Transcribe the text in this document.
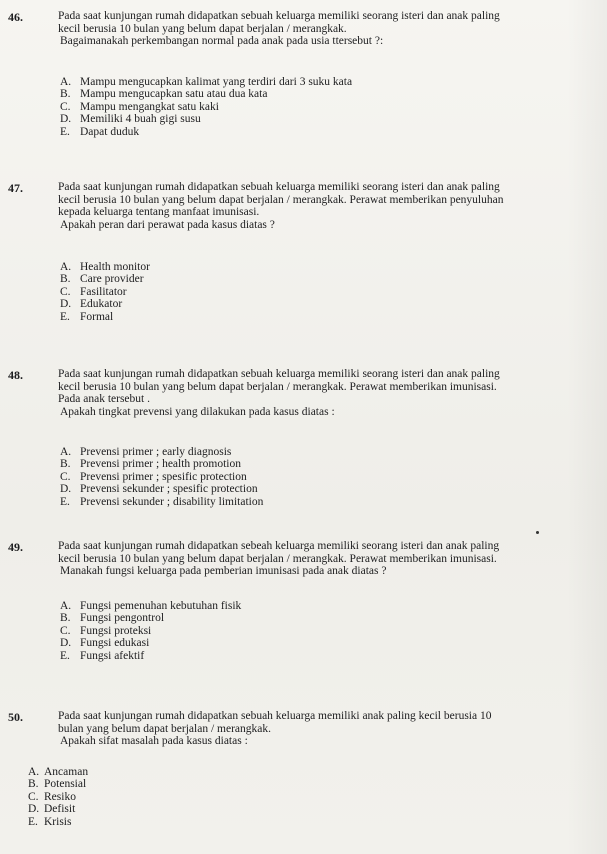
46.	Pada saat kunjungan rumah didapatkan sebuah keluarga memiliki seorang isteri dan anak paling

kecil berusia 10 bulan yang belum dapat berjalan / merangkak.

Bagaimanakah perkembangan normal pada anak pada usia ttersebut ?:

A. Mampu mengucapkan kalimat yang terdiri dari 3 suku kata
B. Mampu mengucapkan satu atau dua kata
C. Mampu mengangkat satu kaki
D. Memiliki 4 buah gigi susu
E. Dapat duduk
47.	Pada saat kunjungan rumah didapatkan sebuah keluarga memiliki seorang isteri dan anak paling

kecil berusia 10 bulan yang belum dapat berjalan / merangkak. Perawat memberikan penyuluhan

kepada keluarga tentang manfaat imunisasi.

Apakah peran dari perawat pada kasus diatas ?

A. Health monitor
B. Care provider
C. Fasilitator
D. Edukator
E. Formal
48.	Pada saat kunjungan rumah didapatkan sebuah keluarga memiliki seorang isteri dan anak paling

kecil berusia 10 bulan yang belum dapat berjalan / merangkak. Perawat memberikan imunisasi.

Pada anak tersebut .

Apakah tingkat prevensi yang dilakukan pada kasus diatas :

A. Prevensi primer ; early diagnosis
B. Prevensi primer ; health promotion
C. Prevensi primer ; spesific protection
D. Prevensi sekunder ; spesific protection
E. Prevensi sekunder ; disability limitation
49.	Pada saat kunjungan rumah didapatkan sebeah keluarga memiliki seorang isteri dan anak paling

kecil berusia 10 bulan yang belum dapat berjalan / merangkak. Perawat memberikan imunisasi.

Manakah fungsi keluarga pada pemberian imunisasi pada anak diatas ?

A. Fungsi pemenuhan kebutuhan fisik
B. Fungsi pengontrol
C. Fungsi proteksi
D. Fungsi edukasi
E. Fungsi afektif
50.	Pada saat kunjungan rumah didapatkan sebuah keluarga memiliki anak paling kecil berusia 10

bulan yang belum dapat berjalan / merangkak.

Apakah sifat masalah pada kasus diatas :

A. Ancaman
B. Potensial
C. Resiko
D. Defisit
E. Krisis
